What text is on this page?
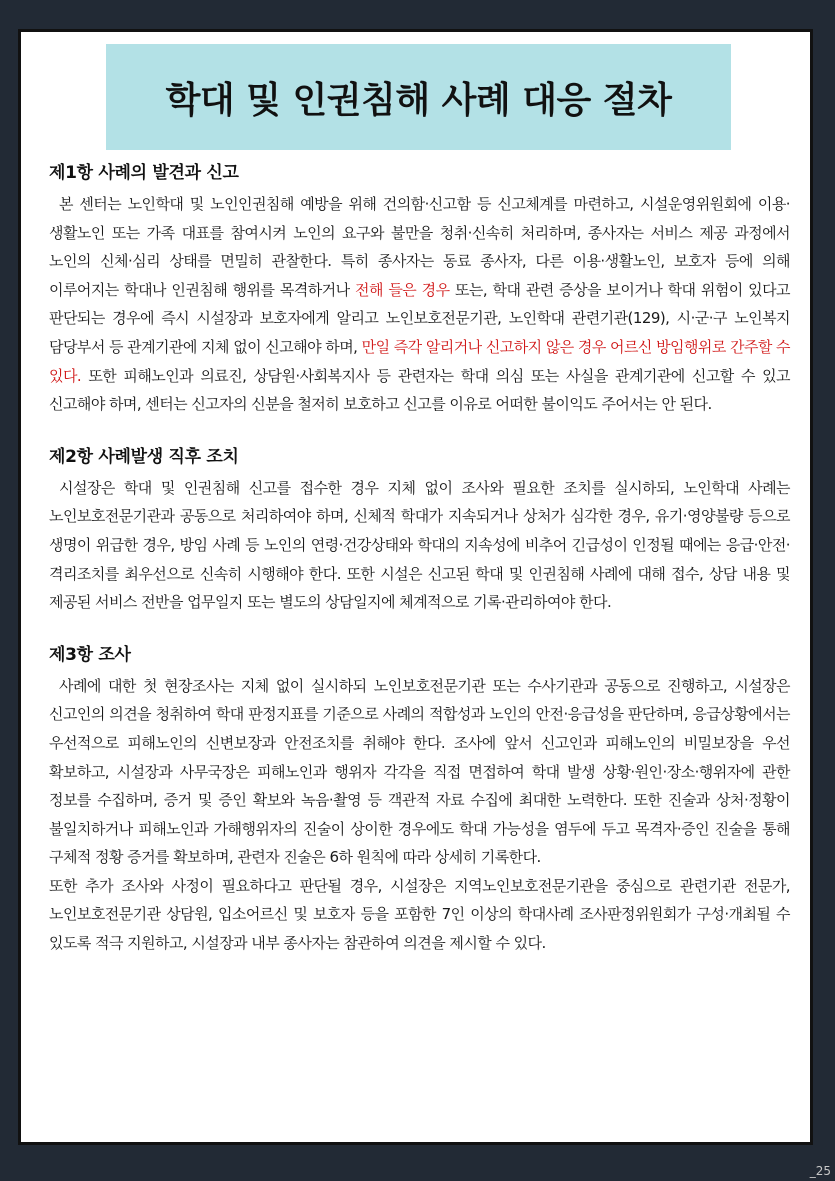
학대 및 인권침해 사례 대응 절차
제1항 사례의 발견과 신고

본 센터는 노인학대 및 노인인권침해 예방을 위해 건의함·신고함 등 신고체계를 마련하고, 시설운영위원회에 이용·생활노인 또는 가족 대표를 참여시켜 노인의 요구와 불만을 청취·신속히 처리하며, 종사자는 서비스 제공 과정에서 노인의 신체·심리 상태를 면밀히 관찰한다. 특히 종사자는 동료 종사자, 다른 이용·생활노인, 보호자 등에 의해 이루어지는 학대나 인권침해 행위를 목격하거나 전해 들은 경우 또는, 학대 관련 증상을 보이거나 학대 위험이 있다고 판단되는 경우에 즉시 시설장과 보호자에게 알리고 노인보호전문기관, 노인학대 관련기관(129), 시·군·구 노인복지 담당부서 등 관계기관에 지체 없이 신고해야 하며, 만일 즉각 알리거나 신고하지 않은 경우 어르신 방임행위로 간주할 수 있다. 또한 피해노인과 의료진, 상담원·사회복지사 등 관련자는 학대 의심 또는 사실을 관계기관에 신고할 수 있고 신고해야 하며, 센터는 신고자의 신분을 철저히 보호하고 신고를 이유로 어떠한 불이익도 주어서는 안 된다.

제2항 사례발생 직후 조치

시설장은 학대 및 인권침해 신고를 접수한 경우 지체 없이 조사와 필요한 조치를 실시하되, 노인학대 사례는 노인보호전문기관과 공동으로 처리하여야 하며, 신체적 학대가 지속되거나 상처가 심각한 경우, 유기·영양불량 등으로 생명이 위급한 경우, 방임 사례 등 노인의 연령·건강상태와 학대의 지속성에 비추어 긴급성이 인정될 때에는 응급·안전·격리조치를 최우선으로 신속히 시행해야 한다. 또한 시설은 신고된 학대 및 인권침해 사례에 대해 접수, 상담 내용 및 제공된 서비스 전반을 업무일지 또는 별도의 상담일지에 체계적으로 기록·관리하여야 한다.

제3항 조사

사례에 대한 첫 현장조사는 지체 없이 실시하되 노인보호전문기관 또는 수사기관과 공동으로 진행하고, 시설장은 신고인의 의견을 청취하여 학대 판정지표를 기준으로 사례의 적합성과 노인의 안전·응급성을 판단하며, 응급상황에서는 우선적으로 피해노인의 신변보장과 안전조치를 취해야 한다. 조사에 앞서 신고인과 피해노인의 비밀보장을 우선 확보하고, 시설장과 사무국장은 피해노인과 행위자 각각을 직접 면접하여 학대 발생 상황·원인·장소·행위자에 관한 정보를 수집하며, 증거 및 증인 확보와 녹음·촬영 등 객관적 자료 수집에 최대한 노력한다. 또한 진술과 상처·정황이 불일치하거나 피해노인과 가해행위자의 진술이 상이한 경우에도 학대 가능성을 염두에 두고 목격자·증인 진술을 통해 구체적 정황 증거를 확보하며, 관련자 진술은 6하 원칙에 따라 상세히 기록한다.

또한 추가 조사와 사정이 필요하다고 판단될 경우, 시설장은 지역노인보호전문기관을 중심으로 관련기관 전문가, 노인보호전문기관 상담원, 입소어르신 및 보호자 등을 포함한 7인 이상의 학대사례 조사판정위원회가 구성·개최될 수 있도록 적극 지원하고, 시설장과 내부 종사자는 참관하여 의견을 제시할 수 있다.

_25
